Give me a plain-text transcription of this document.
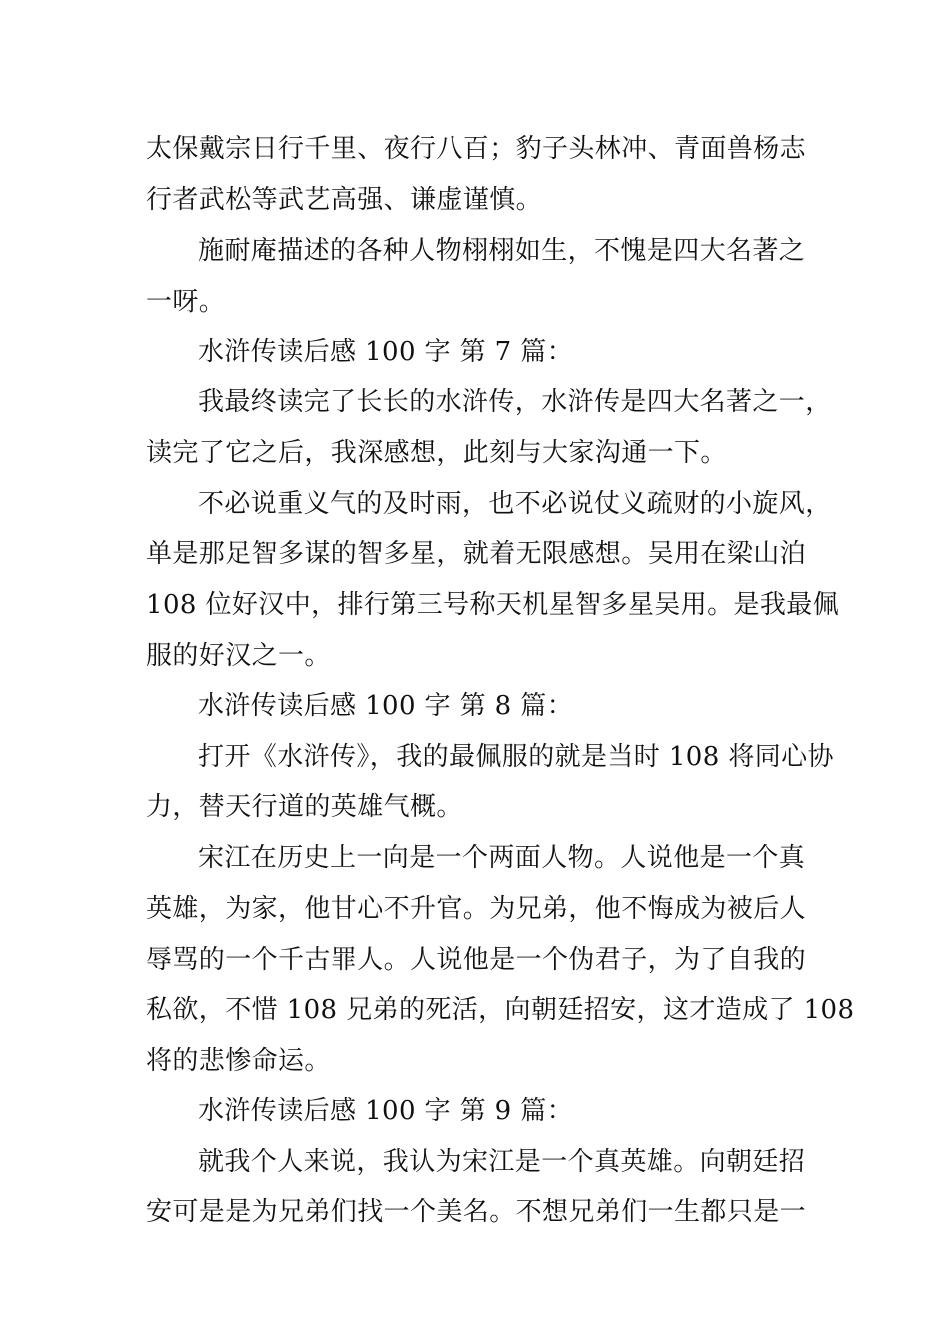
太保戴宗日行千里、夜行八百；豹子头林冲、青面兽杨志
行者武松等武艺高强、谦虚谨慎。
施耐庵描述的各种人物栩栩如生，不愧是四大名著之
一呀。
水浒传读后感 100 字 第 7 篇：
我最终读完了长长的水浒传，水浒传是四大名著之一，
读完了它之后，我深感想，此刻与大家沟通一下。
不必说重义气的及时雨，也不必说仗义疏财的小旋风，
单是那足智多谋的智多星，就着无限感想。吴用在梁山泊
108 位好汉中，排行第三号称天机星智多星吴用。是我最佩
服的好汉之一。
水浒传读后感 100 字 第 8 篇：
打开《水浒传》，我的最佩服的就是当时 108 将同心协
力，替天行道的英雄气概。
宋江在历史上一向是一个两面人物。人说他是一个真
英雄，为家，他甘心不升官。为兄弟，他不悔成为被后人
辱骂的一个千古罪人。人说他是一个伪君子，为了自我的
私欲，不惜 108 兄弟的死活，向朝廷招安，这才造成了 108
将的悲惨命运。
水浒传读后感 100 字 第 9 篇：
就我个人来说，我认为宋江是一个真英雄。向朝廷招
安可是是为兄弟们找一个美名。不想兄弟们一生都只是一
